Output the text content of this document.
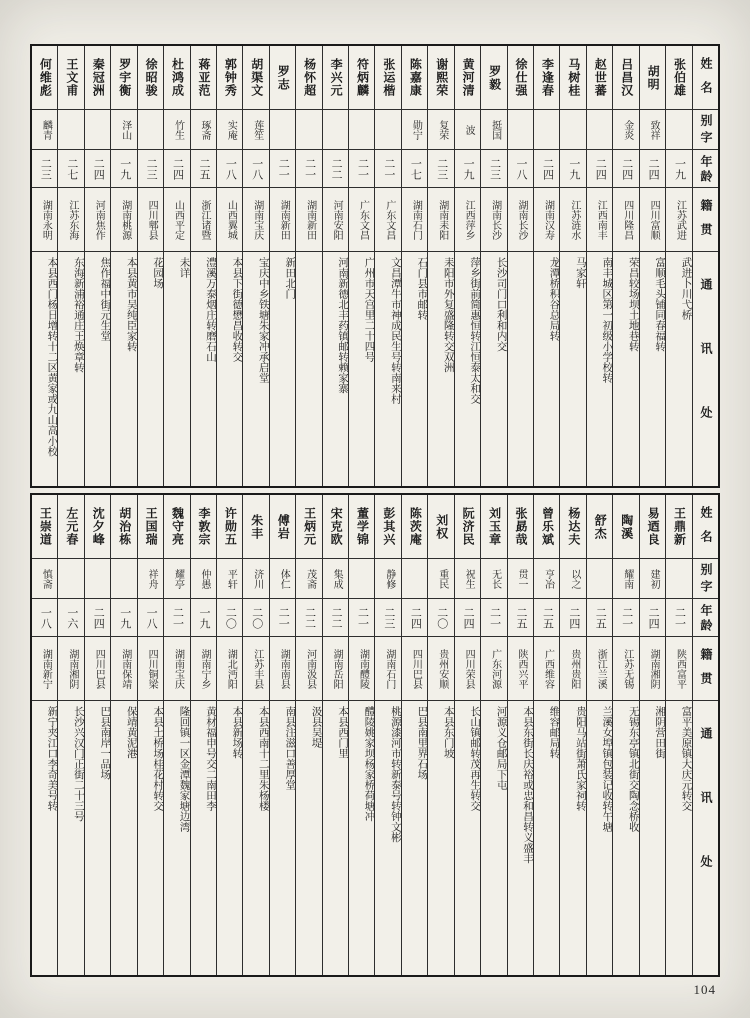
何维彪
麟青
二三
湖南永明
本县西门杨日增转十二区黄家或九山高小校
王文甫
二七
江苏东海
东海新浦裕通庄王焕章转
秦冠洲
二四
河南焦作
焦作福中街元生堂
罗宇衡
泽山
一九
湖南桃源
本县黄市吴纯臣家转
徐昭骏
二三
四川郫县
花园场
杜鸿成
竹生
二四
山西平定
未详
蒋亚范
琢斋
二五
浙江诸暨
澧溪万泰烟庄转磨石山
郭钟秀
实庵
一八
山西翼城
本县下街德懋昌收转交
胡渠文
莲笙
一八
湖南宝庆
宝庆中乡铁塘朱家冲承启堂
罗志
二一
湖南新田
新田北门
杨怀超
二一
湖南新田
李兴元
二二
河南安阳
河南新德北丰药镇邮转赖家寨
符炳麟
二一
广东文昌
广州市天宫里二十四号
张运楷
二一
广东文昌
文昌潭牛市神成民生号转南来村
陈嘉康
勋宁
一七
湖南石门
石门县市邮转
谢熙荣
复荣
二三
湖南耒阳
耒阳市外复盛隆转交双洲
黄河清
波
一九
江西萍乡
萍乡街前简惠恒转江恒泰太和交
罗毅
挺国
二三
湖南长沙
长沙司门口利和内交
徐仕强
一八
湖南长沙
李逢春
二四
湖南汉寿
龙潭桥积谷总局转
马树桂
一九
江苏涟水
马家轩
赵世蕃
二四
江西南丰
南丰城区第一初级小学校转
吕昌汉
金炎
二四
四川隆昌
荣昌较场坝土地巷转
胡明
致祥
二四
四川富顺
富顺毛头铺同春福转
张伯雄
一九
江苏武进
武进卜川弋桥
姓名
别字
年龄
籍贯
通讯处
王崇道
慎斋
一八
湖南新宁
新宁夹江口李奇美号转
左元春
一六
湖南湘阴
长沙兴汉门正街二十三号
沈夕峰
二四
四川巴县
巴县南岸一品场
胡治栋
一九
湖南保靖
保靖黄泥港
王国瑞
祥舟
一八
四川铜梁
本县土桥场桂花村转交
魏守亮
耀亭
二一
湖南宝庆
隆回镇一区金潭魏家塘边湾
李敦宗
仲愚
一九
湖南宁乡
黄材福申号交二南田李
许勋五
平轩
二〇
湖北沔阳
本县新场转
朱丰
济川
二〇
江苏丰县
本县西南十二里朱杨楼
傅岩
体仁
二一
湖南南县
南县注滋口善厚堂
王炳元
茂斋
二二
河南汲县
汲县吴堤
宋克欧
集成
二二
湖南岳阳
本县西门里
董学锦
二一
湖南醴陵
醴陵姚家坝杨家桥荷塘冲
彭其兴
静修
二三
湖南石门
桃源漆河市转新泰号转钟文彬
陈茨庵
二四
四川巴县
巴县南里界石场
刘权
重民
二〇
贵州安顺
本县东门坡
阮济民
祝生
二四
四川荣县
长山镇邮转茂再生转交
刘玉章
无长
二一
广东河源
河源义仓邮局下屯
张勗哉
贯一
二五
陕西兴平
本县东街长庆裕或忠和昌转义盛丰
曾乐斌
亨冶
二五
广西维容
维容邮局转
杨达夫
以之
二四
贵州贵阳
贵阳马站街萧氏家祠转
舒杰
二五
浙江兰溪
兰溪女埠镇包装记收转午塘
陶溪
耀南
二一
江苏无锡
无锡东亭镇北街交陶念桥收
易迺良
建初
二四
湖南湘阴
湘阴营田街
王鼎新
二一
陕西富平
富平美原镇大庆元转交
姓名
别字
年龄
籍贯
通讯处
104
